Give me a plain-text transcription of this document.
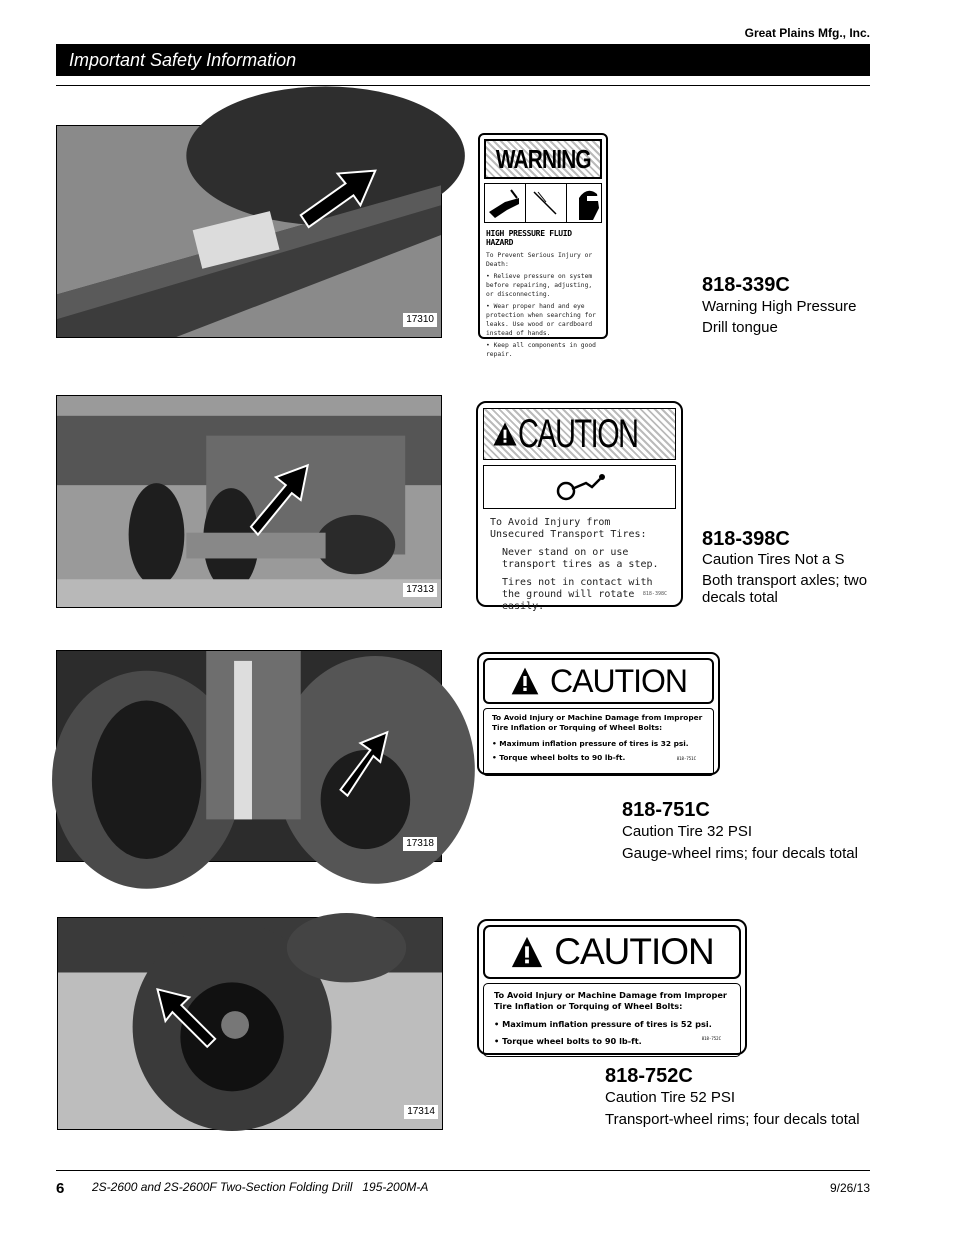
Great Plains Mfg., Inc.
Important Safety Information
17310
WARNING
HIGH PRESSURE FLUID HAZARD
To Prevent Serious Injury or Death:
• Relieve pressure on system before repairing, adjusting, or disconnecting.
• Wear proper hand and eye protection when searching for leaks. Use wood or cardboard instead of hands.
• Keep all components in good repair.
818-339C
Warning High Pressure
Drill tongue
17313
CAUTION
To Avoid Injury from Unsecured Transport Tires:
Never stand on or use transport tires as a step.
Tires not in contact with the ground will rotate easily.
818-398C
818-398C
Caution Tires Not a S
Both transport axles; two decals total
17318
CAUTION
To Avoid Injury or Machine Damage from Improper Tire Inflation or Torquing of Wheel Bolts:
• Maximum inflation pressure of tires is 32 psi.
• Torque wheel bolts to 90 lb-ft.	818-751C
818-751C
Caution Tire 32 PSI
Gauge-wheel rims; four decals total
17314
CAUTION
To Avoid Injury or Machine Damage from Improper Tire Inflation or Torquing of Wheel Bolts:
• Maximum inflation pressure of tires is 52 psi.
• Torque wheel bolts to 90 lb-ft.	818-752C
818-752C
Caution Tire 52 PSI
Transport-wheel rims; four decals total
6 2S-2600 and 2S-2600F Two-Section Folding Drill   195-200M-A	9/26/13
